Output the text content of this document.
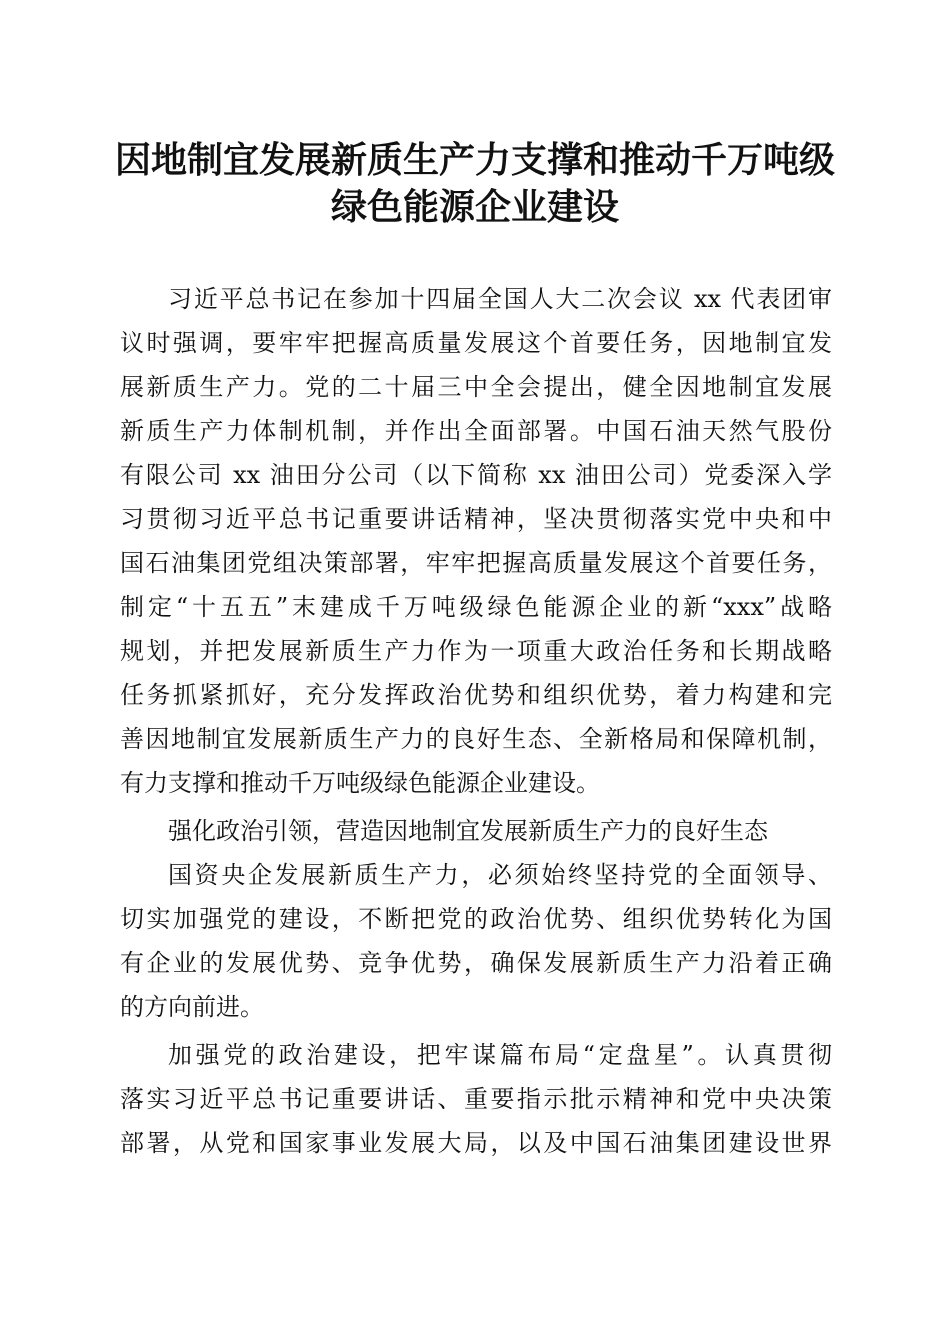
因地制宜发展新质生产力支撑和推动千万吨级
绿色能源企业建设
习近平总书记在参加十四届全国人大二次会议 xx 代表团审
议时强调，要牢牢把握高质量发展这个首要任务，因地制宜发
展新质生产力。党的二十届三中全会提出，健全因地制宜发展
新质生产力体制机制，并作出全面部署。中国石油天然气股份
有限公司 xx 油田分公司（以下简称 xx 油田公司）党委深入学
习贯彻习近平总书记重要讲话精神，坚决贯彻落实党中央和中
国石油集团党组决策部署，牢牢把握高质量发展这个首要任务，
制定“十五五”末建成千万吨级绿色能源企业的新“xxx”战略
规划，并把发展新质生产力作为一项重大政治任务和长期战略
任务抓紧抓好，充分发挥政治优势和组织优势，着力构建和完
善因地制宜发展新质生产力的良好生态、全新格局和保障机制，
有力支撑和推动千万吨级绿色能源企业建设。
强化政治引领，营造因地制宜发展新质生产力的良好生态
国资央企发展新质生产力，必须始终坚持党的全面领导、
切实加强党的建设，不断把党的政治优势、组织优势转化为国
有企业的发展优势、竞争优势，确保发展新质生产力沿着正确
的方向前进。
加强党的政治建设，把牢谋篇布局“定盘星”。认真贯彻
落实习近平总书记重要讲话、重要指示批示精神和党中央决策
部署，从党和国家事业发展大局，以及中国石油集团建设世界
